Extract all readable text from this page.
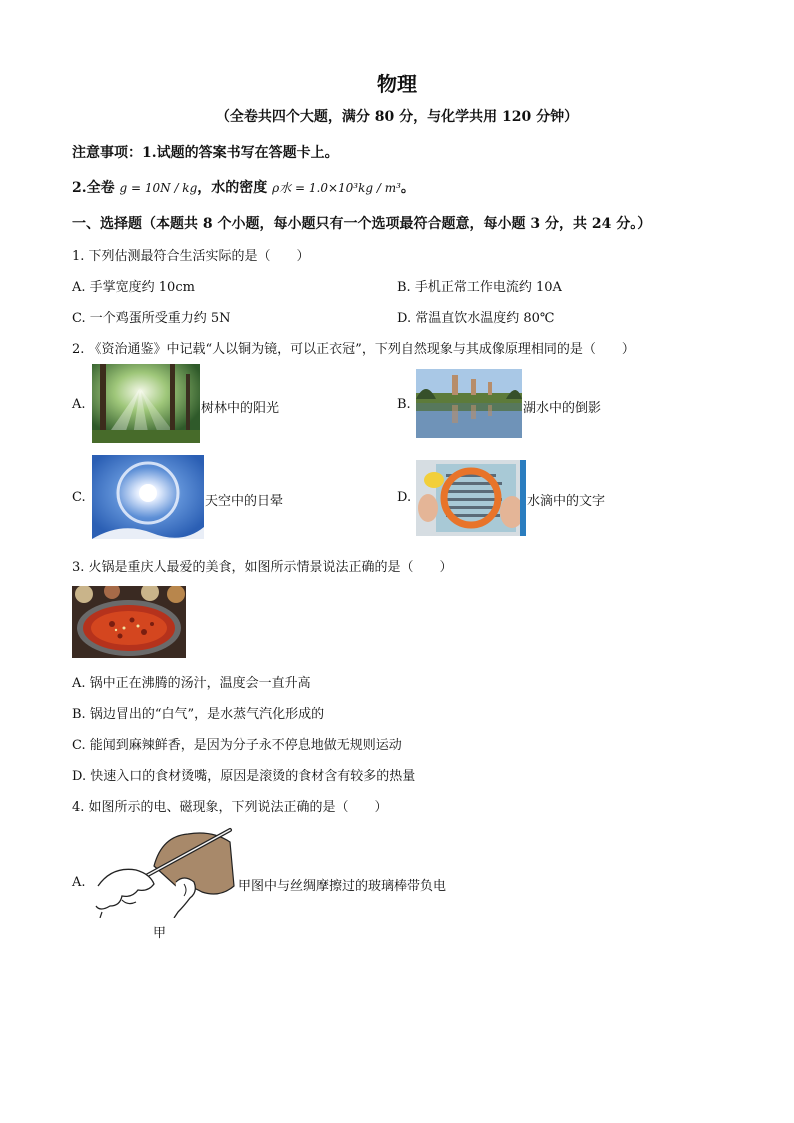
物理
（全卷共四个大题，满分 80 分，与化学共用 120 分钟）
注意事项：1.试题的答案书写在答题卡上。
2.全卷 g = 10N / kg，水的密度 ρ水 = 1.0×10³kg / m³。
一、选择题（本题共 8 个小题，每小题只有一个选项最符合题意，每小题 3 分，共 24 分。）
1. 下列估测最符合生活实际的是（　　）
A. 手掌宽度约 10cm	B. 手机正常工作电流约 10A
C. 一个鸡蛋所受重力约 5N	D. 常温直饮水温度约 80℃
2. 《资治通鉴》中记载“人以铜为镜，可以正衣冠”，下列自然现象与其成像原理相同的是（　　）
A.	树林中的阳光	B.	湖水中的倒影
C.	天空中的日晕	D.	水滴中的文字
3. 火锅是重庆人最爱的美食，如图所示情景说法正确的是（　　）
A. 锅中正在沸腾的汤汁，温度会一直升高
B. 锅边冒出的“白气”，是水蒸气汽化形成的
C. 能闻到麻辣鲜香，是因为分子永不停息地做无规则运动
D. 快速入口的食材烫嘴，原因是滚烫的食材含有较多的热量
4. 如图所示的电、磁现象，下列说法正确的是（　　）
A.	甲图中与丝绸摩擦过的玻璃棒带负电
甲
